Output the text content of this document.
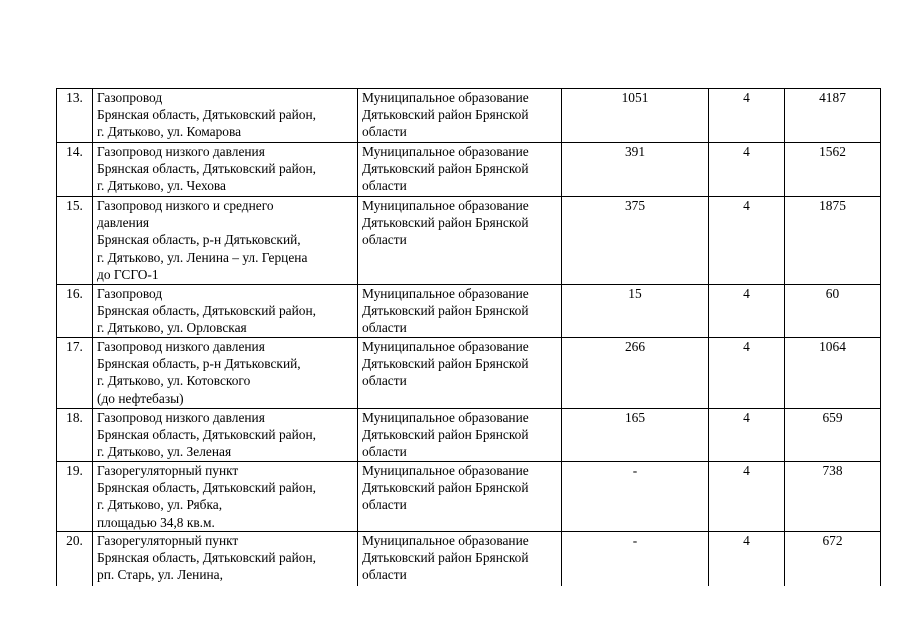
13.	Газопровод
Брянская область, Дятьковский район,
г. Дятьково, ул. Комарова	Муниципальное образование
Дятьковский район Брянской
области	1051	4	4187
14.	Газопровод низкого давления
Брянская область, Дятьковский район,
г. Дятьково, ул. Чехова	Муниципальное образование
Дятьковский район Брянской
области	391	4	1562
15.	Газопровод низкого и среднего
давления
Брянская область, р-н Дятьковский,
г. Дятьково, ул. Ленина – ул. Герцена
до ГСГО-1	Муниципальное образование
Дятьковский район Брянской
области	375	4	1875
16.	Газопровод
Брянская область, Дятьковский район,
г. Дятьково, ул. Орловская	Муниципальное образование
Дятьковский район Брянской
области	15	4	60
17.	Газопровод низкого давления
Брянская область, р-н Дятьковский,
г. Дятьково, ул. Котовского
(до нефтебазы)	Муниципальное образование
Дятьковский район Брянской
области	266	4	1064
18.	Газопровод низкого давления
Брянская область, Дятьковский район,
г. Дятьково, ул. Зеленая	Муниципальное образование
Дятьковский район Брянской
области	165	4	659
19.	Газорегуляторный пункт
Брянская область, Дятьковский район,
г. Дятьково, ул. Рябка,
площадью 34,8 кв.м.	Муниципальное образование
Дятьковский район Брянской
области	-	4	738
20.	Газорегуляторный пункт
Брянская область, Дятьковский район,
рп. Старь, ул. Ленина,	Муниципальное образование
Дятьковский район Брянской
области	-	4	672
